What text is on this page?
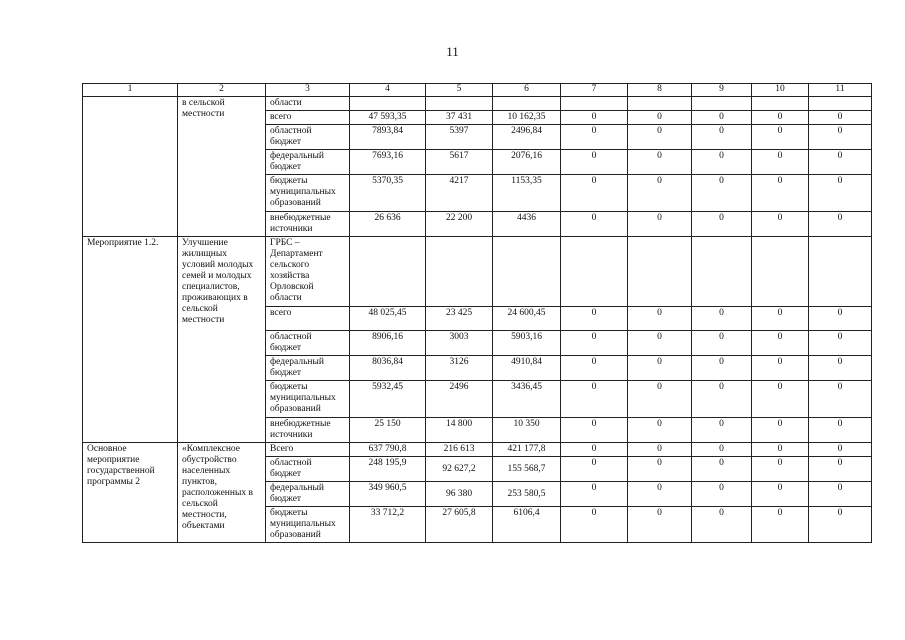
11
1	2	3	4	5	6	7	8	9	10	11
	в сельской местности	области								
		всего	47 593,35	37 431	10 162,35	0	0	0	0	0
		областной бюджет	7893,84	5397	2496,84	0	0	0	0	0
		федеральный бюджет	7693,16	5617	2076,16	0	0	0	0	0
		бюджеты муниципальных образований	5370,35	4217	1153,35	0	0	0	0	0
		внебюджетные источники	26 636	22 200	4436	0	0	0	0	0
Мероприятие 1.2.	Улучшение жилищных условий молодых семей и молодых специалистов, проживающих в сельской местности	ГРБС – Департамент сельского хозяйства Орловской области								
		всего	48 025,45	23 425	24 600,45	0	0	0	0	0
		областной бюджет	8906,16	3003	5903,16	0	0	0	0	0
		федеральный бюджет	8036,84	3126	4910,84	0	0	0	0	0
		бюджеты муниципальных образований	5932,45	2496	3436,45	0	0	0	0	0
		внебюджетные источники	25 150	14 800	10 350	0	0	0	0	0
Основное мероприятие государственной программы 2	«Комплексное обустройство населенных пунктов, расположенных в сельской местности, объектами	Всего	637 790,8	216 613	421 177,8	0	0	0	0	0
		областной бюджет	248 195,9	92 627,2	155 568,7	0	0	0	0	0
		федеральный бюджет	349 960,5	96 380	253 580,5	0	0	0	0	0
		бюджеты муниципальных образований	33 712,2	27 605,8	6106,4	0	0	0	0	0
